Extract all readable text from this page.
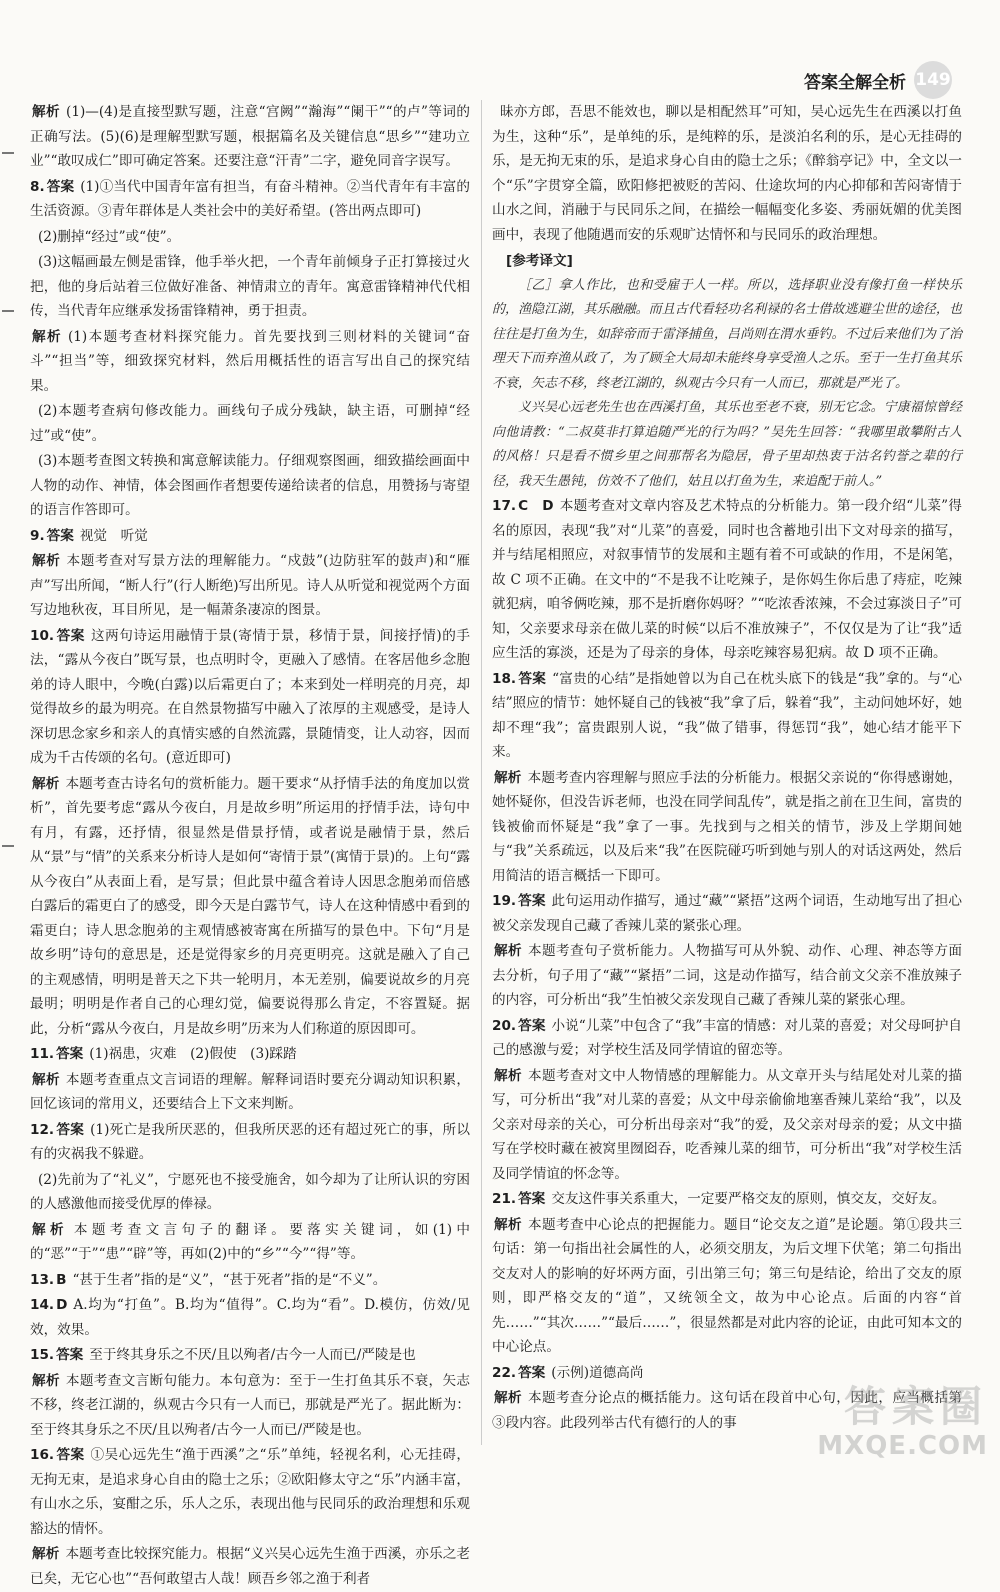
答案全解全析 149
解析 (1)—(4)是直接型默写题，注意“宫阙”“瀚海”“阑干”“的卢”等词的正确写法。(5)(6)是理解型默写题，根据篇名及关键信息“思乡”“建功立业”“敢叹成仁”即可确定答案。还要注意“汗青”二字，避免同音字误写。
8. 答案 (1)①当代中国青年富有担当，有奋斗精神。②当代青年有丰富的生活资源。③青年群体是人类社会中的美好希望。(答出两点即可)
(2)删掉“经过”或“使”。
(3)这幅画最左侧是雷锋，他手举火把，一个青年前倾身子正打算接过火把，他的身后站着三位做好准备、神情肃立的青年。寓意雷锋精神代代相传，当代青年应继承发扬雷锋精神，勇于担责。
解析 (1)本题考查材料探究能力。首先要找到三则材料的关键词“奋斗”“担当”等，细致探究材料，然后用概括性的语言写出自己的探究结果。
(2)本题考查病句修改能力。画线句子成分残缺，缺主语，可删掉“经过”或“使”。
(3)本题考查图文转换和寓意解读能力。仔细观察图画，细致描绘画面中人物的动作、神情，体会图画作者想要传递给读者的信息，用赞扬与寄望的语言作答即可。
9. 答案 视觉　听觉
解析 本题考查对写景方法的理解能力。“戍鼓”(边防驻军的鼓声)和“雁声”写出所闻，“断人行”(行人断绝)写出所见。诗人从听觉和视觉两个方面写边地秋夜，耳目所见，是一幅萧条凄凉的图景。
10. 答案 这两句诗运用融情于景(寄情于景，移情于景，间接抒情)的手法，“露从今夜白”既写景，也点明时令，更融入了感情。在客居他乡念胞弟的诗人眼中，今晚(白露)以后霜更白了；本来到处一样明亮的月亮，却觉得故乡的最为明亮。在自然景物描写中融入了浓厚的主观感受，是诗人深切思念家乡和亲人的真情实感的自然流露，景随情变，让人动容，因而成为千古传颂的名句。(意近即可)
解析 本题考查古诗名句的赏析能力。题干要求“从抒情手法的角度加以赏析”，首先要考虑“露从今夜白，月是故乡明”所运用的抒情手法，诗句中有月，有露，还抒情，很显然是借景抒情，或者说是融情于景，然后从“景”与“情”的关系来分析诗人是如何“寄情于景”(寓情于景)的。上句“露从今夜白”从表面上看，是写景；但此景中蕴含着诗人因思念胞弟而倍感白露后的霜更白了的感受，即今天是白露节气，诗人在这种情感中看到的霜更白；诗人思念胞弟的主观情感被寄寓在所描写的景色中。下句“月是故乡明”诗句的意思是，还是觉得家乡的月亮更明亮。这就是融入了自己的主观感情，明明是普天之下共一轮明月，本无差别，偏要说故乡的月亮最明；明明是作者自己的心理幻觉，偏要说得那么肯定，不容置疑。据此，分析“露从今夜白，月是故乡明”历来为人们称道的原因即可。
11. 答案 (1)祸患，灾难　(2)假使　(3)踩踏
解析 本题考查重点文言词语的理解。解释词语时要充分调动知识积累，回忆该词的常用义，还要结合上下文来判断。
12. 答案 (1)死亡是我所厌恶的，但我所厌恶的还有超过死亡的事，所以有的灾祸我不躲避。
(2)先前为了“礼义”，宁愿死也不接受施舍，如今却为了让所认识的穷困的人感激他而接受优厚的俸禄。
解析 本题考查文言句子的翻译。要落实关键词，如(1)中的“恶”“于”“患”“辟”等，再如(2)中的“乡”“今”“得”等。
13. B “甚于生者”指的是“义”，“甚于死者”指的是“不义”。
14. D A.均为“打鱼”。B.均为“值得”。C.均为“看”。D.模仿，仿效/见效，效果。
15. 答案 至于终其身乐之不厌/且以殉者/古今一人而已/严陵是也
解析 本题考查文言断句能力。本句意为：至于一生打鱼其乐不衰，矢志不移，终老江湖的，纵观古今只有一人而已，那就是严光了。据此断为：至于终其身乐之不厌/且以殉者/古今一人而已/严陵是也。
16. 答案 ①吴心远先生“渔于西溪”之“乐”单纯，轻视名利，心无挂碍，无拘无束，是追求身心自由的隐士之乐；②欧阳修太守之“乐”内涵丰富，有山水之乐，宴酣之乐，乐人之乐，表现出他与民同乐的政治理想和乐观豁达的情怀。
解析 本题考查比较探究能力。根据“义兴吴心远先生渔于西溪，亦乐之老已矣，无它心也”“吾何敢望古人哉！顾吾乡邻之渔于利者
昧亦方郎，吾思不能效也，聊以是相配然耳”可知，吴心远先生在西溪以打鱼为生，这种“乐”，是单纯的乐，是纯粹的乐，是淡泊名利的乐，是心无挂碍的乐，是无拘无束的乐，是追求身心自由的隐士之乐；《醉翁亭记》中，全文以一个“乐”字贯穿全篇，欧阳修把被贬的苦闷、仕途坎坷的内心抑郁和苦闷寄情于山水之间，消融于与民同乐之间，在描绘一幅幅变化多姿、秀丽妩媚的优美图画中，表现了他随遇而安的乐观旷达情怀和与民同乐的政治理想。
[参考译文]

［乙］拿人作比，也和受雇于人一样。所以，选择职业没有像打鱼一样快乐的，渔隐江湖，其乐融融。而且古代看轻功名利禄的名士借故逃避尘世的途径，也往往是打鱼为生，如辞帝而于雷泽捕鱼，吕尚则在渭水垂钓。不过后来他们为了治理天下而弃渔从政了，为了顾全大局却未能终身享受渔人之乐。至于一生打鱼其乐不衰，矢志不移，终老江湖的，纵观古今只有一人而已，那就是严光了。

义兴吴心远老先生也在西溪打鱼，其乐也至老不衰，别无它念。宁康福惊曾经向他请教：“二叔莫非打算追随严光的行为吗？”吴先生回答：“我哪里敢攀附古人的风格！只是看不惯乡里之间那帮名为隐居，骨子里却热衷于沽名钓誉之辈的行径，我天生愚钝，仿效不了他们，姑且以打鱼为生，来追配于前人。”

17. C　D 本题考查对文章内容及艺术特点的分析能力。第一段介绍“儿菜”得名的原因，表现“我”对“儿菜”的喜爱，同时也含蓄地引出下文对母亲的描写，并与结尾相照应，对叙事情节的发展和主题有着不可或缺的作用，不是闲笔，故 C 项不正确。在文中的“不是我不让吃辣子，是你妈生你后患了痔症，吃辣就犯病，咱爷俩吃辣，那不是折磨你妈呀？”“吃浓香浓辣，不会过寡淡日子”可知，父亲要求母亲在做儿菜的时候“以后不准放辣子”，不仅仅是为了让“我”适应生活的寡淡，还是为了母亲的身体，母亲吃辣容易犯病。故 D 项不正确。
18. 答案 “富贵的心结”是指她曾以为自己在枕头底下的钱是“我”拿的。与“心结”照应的情节：她怀疑自己的钱被“我”拿了后，躲着“我”，主动问她坏好，她却不理“我”；富贵跟别人说，“我”做了错事，得惩罚“我”，她心结才能平下来。
解析 本题考查内容理解与照应手法的分析能力。根据父亲说的“你得感谢她，她怀疑你，但没告诉老师，也没在同学间乱传”，就是指之前在卫生间，富贵的钱被偷而怀疑是“我”拿了一事。先找到与之相关的情节，涉及上学期间她与“我”关系疏远，以及后来“我”在医院碰巧听到她与别人的对话这两处，然后用简洁的语言概括一下即可。
19. 答案 此句运用动作描写，通过“藏”“紧捂”这两个词语，生动地写出了担心被父亲发现自己藏了香辣儿菜的紧张心理。
解析 本题考查句子赏析能力。人物描写可从外貌、动作、心理、神态等方面去分析，句子用了“藏”“紧捂”二词，这是动作描写，结合前文父亲不准放辣子的内容，可分析出“我”生怕被父亲发现自己藏了香辣儿菜的紧张心理。
20. 答案 小说“儿菜”中包含了“我”丰富的情感：对儿菜的喜爱；对父母呵护自己的感激与爱；对学校生活及同学情谊的留恋等。
解析 本题考查对文中人物情感的理解能力。从文章开头与结尾处对儿菜的描写，可分析出“我”对儿菜的喜爱；从文中母亲偷偷地塞香辣儿菜给“我”，以及父亲对母亲的关心，可分析出母亲对“我”的爱，及父亲对母亲的爱；从文中描写在学校时藏在被窝里囫囵吞，吃香辣儿菜的细节，可分析出“我”对学校生活及同学情谊的怀念等。
21. 答案 交友这件事关系重大，一定要严格交友的原则，慎交友，交好友。
解析 本题考查中心论点的把握能力。题目“论交友之道”是论题。第①段共三句话：第一句指出社会属性的人，必须交朋友，为后文埋下伏笔；第二句指出交友对人的影响的好坏两方面，引出第三句；第三句是结论，给出了交友的原则，即严格交友的“道”，又统领全文，故为中心论点。后面的内容“首先……”“其次……”“最后……”，很显然都是对此内容的论证，由此可知本文的中心论点。
22. 答案 (示例)道德高尚
解析 本题考查分论点的概括能力。这句话在段首中心句，因此，应当概括第③段内容。此段列举古代有德行的人的事	答案圈
MXQE.COM
